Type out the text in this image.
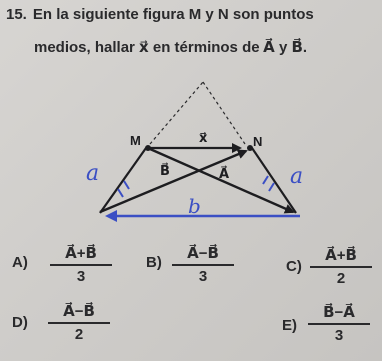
15. En la siguiente figura M y N son puntos
medios, hallar x⃗ en términos de A⃗ y B⃗.
M	N
x⃗
B⃗	A⃗
a	a
b
$A) \frac{A⃗+B⃗}{3} B) \frac{A⃗-B⃗}{3}$	$C) \frac{A⃗+B⃗}{2}$
$D) \frac{A⃗-B⃗}{2}$	$E) \frac{B⃗-A⃗}{3}$
